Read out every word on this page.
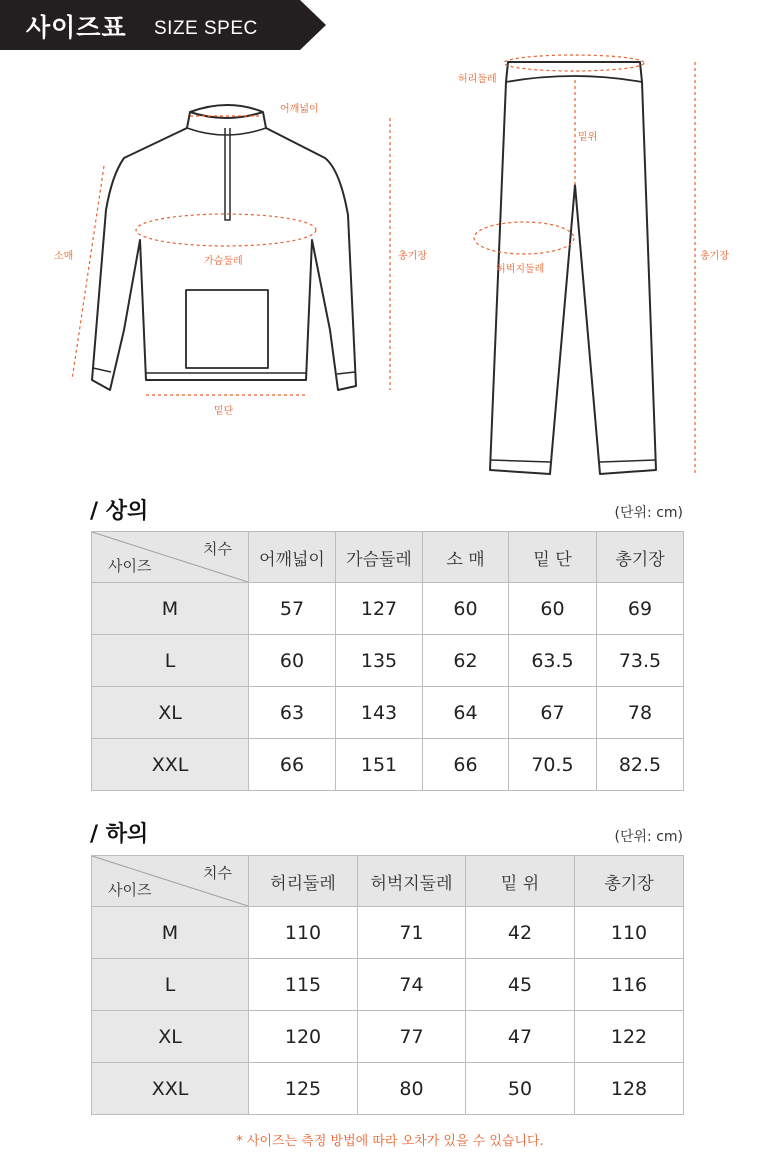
사이즈표 SIZE SPEC
어깨넓이
가슴둘레
소매	총기장
밑단
허리둘레
밑위
허벅지둘레
총기장
/ 상의	(단위: cm)
치수
사이즈	어깨넓이	가슴둘레	소 매	밑 단	총기장
M	57	127	60	60	69
L	60	135	62	63.5	73.5
XL	63	143	64	67	78
XXL	66	151	66	70.5	82.5
/ 하의	(단위: cm)
치수
사이즈	허리둘레	허벅지둘레	밑 위	총기장
M	110	71	42	110
L	115	74	45	116
XL	120	77	47	122
XXL	125	80	50	128
* 사이즈는 측정 방법에 따라 오차가 있을 수 있습니다.
